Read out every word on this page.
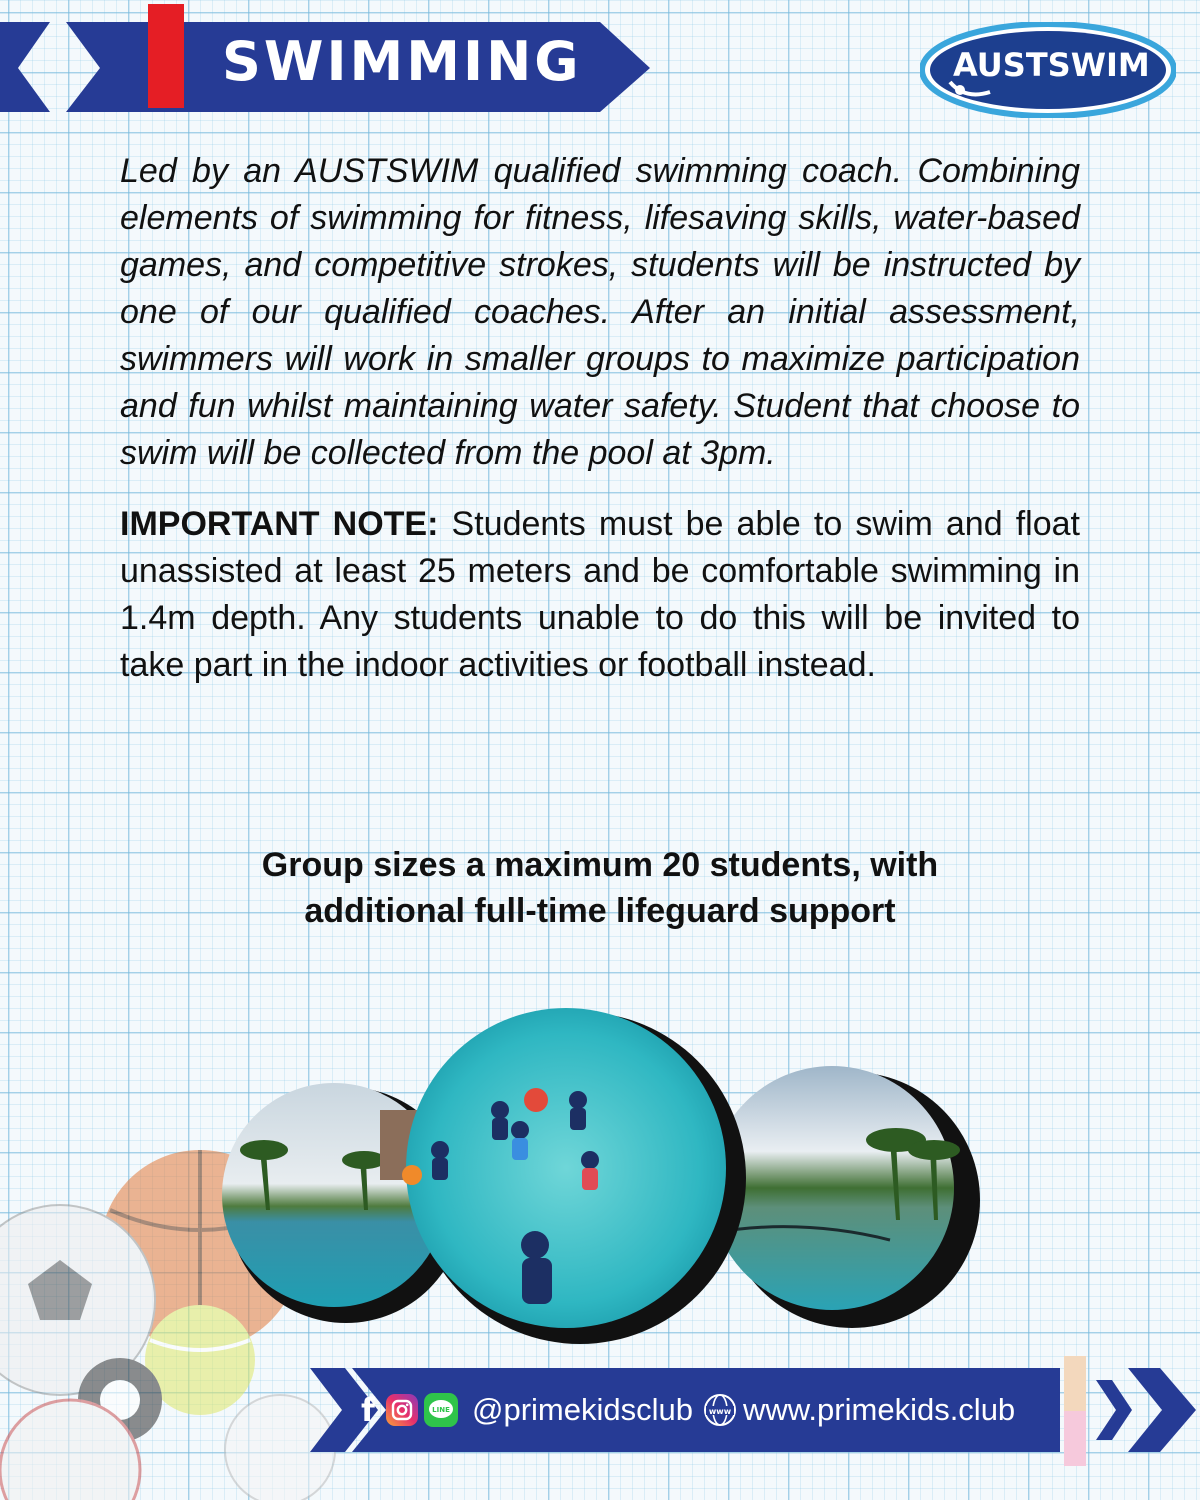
SWIMMING	AUSTSWIM

Led by an AUSTSWIM qualified swimming coach. Combining elements of swimming for fitness, lifesaving skills, water-based games, and competitive strokes, students will be instructed by one of our qualified coaches. After an initial assessment, swimmers will work in smaller groups to maximize participation and fun whilst maintaining water safety. Student that choose to swim will be collected from the pool at 3pm.

IMPORTANT NOTE: Students must be able to swim and float unassisted at least 25 meters and be comfortable swimming in 1.4m depth. Any students unable to do this will be invited to take part in the indoor activities or football instead.

Group sizes a maximum 20 students, with
additional full-time lifeguard support
f	LINE @primekidsclub www www.primekids.club
